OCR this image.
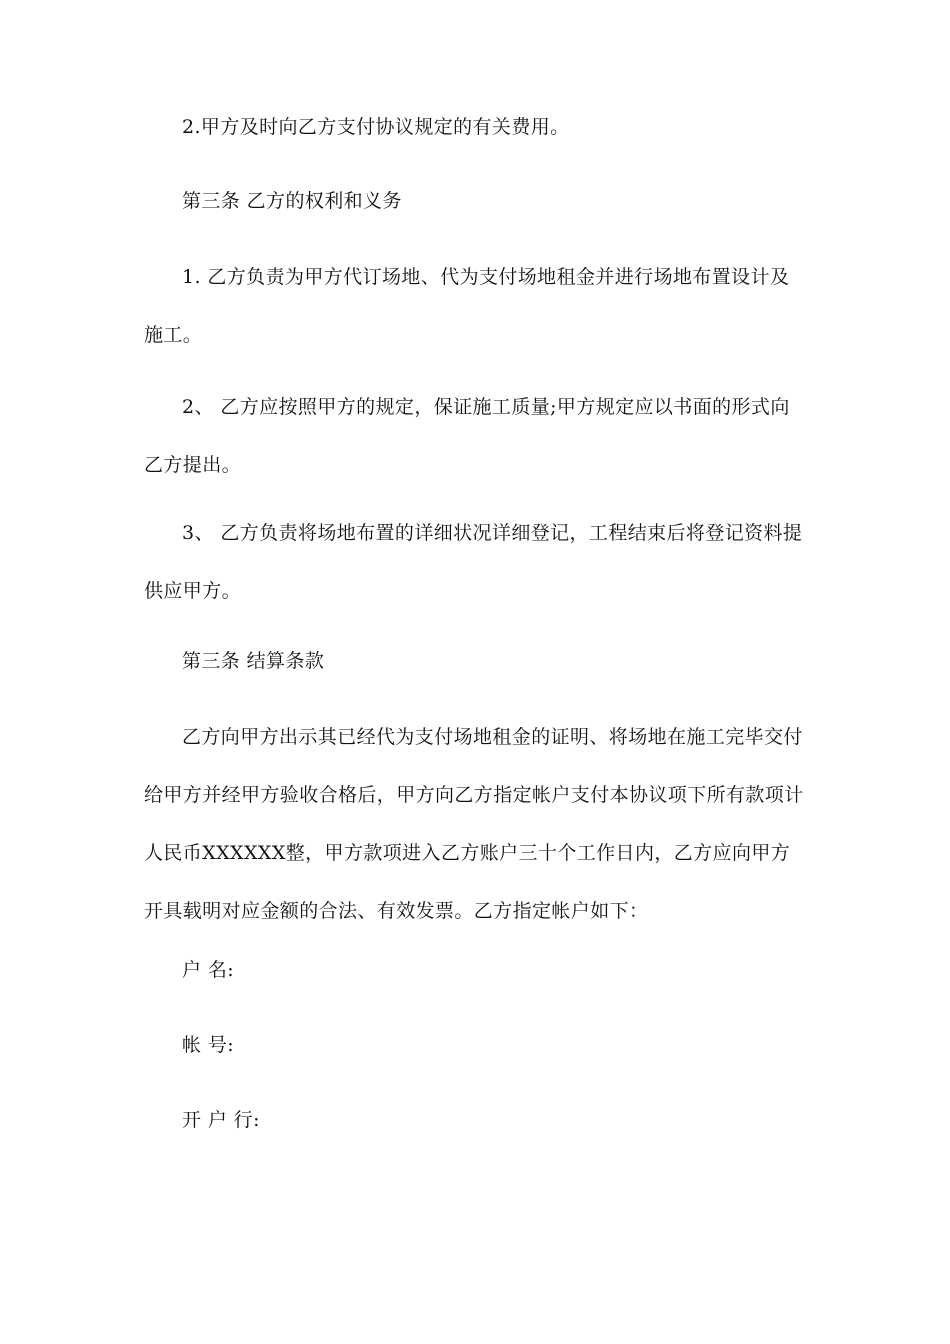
2.甲方及时向乙方支付协议规定的有关费用。

第三条 乙方的权利和义务

1. 乙方负责为甲方代订场地、代为支付场地租金并进行场地布置设计及施工。

2、 乙方应按照甲方的规定，保证施工质量;甲方规定应以书面的形式向乙方提出。

3、 乙方负责将场地布置的详细状况详细登记，工程结束后将登记资料提供应甲方。

第三条 结算条款

乙方向甲方出示其已经代为支付场地租金的证明、将场地在施工完毕交付给甲方并经甲方验收合格后，甲方向乙方指定帐户支付本协议项下所有款项计人民币XXXXXX整，甲方款项进入乙方账户三十个工作日内，乙方应向甲方开具载明对应金额的合法、有效发票。乙方指定帐户如下：

户 名:

帐 号:

开 户 行:
